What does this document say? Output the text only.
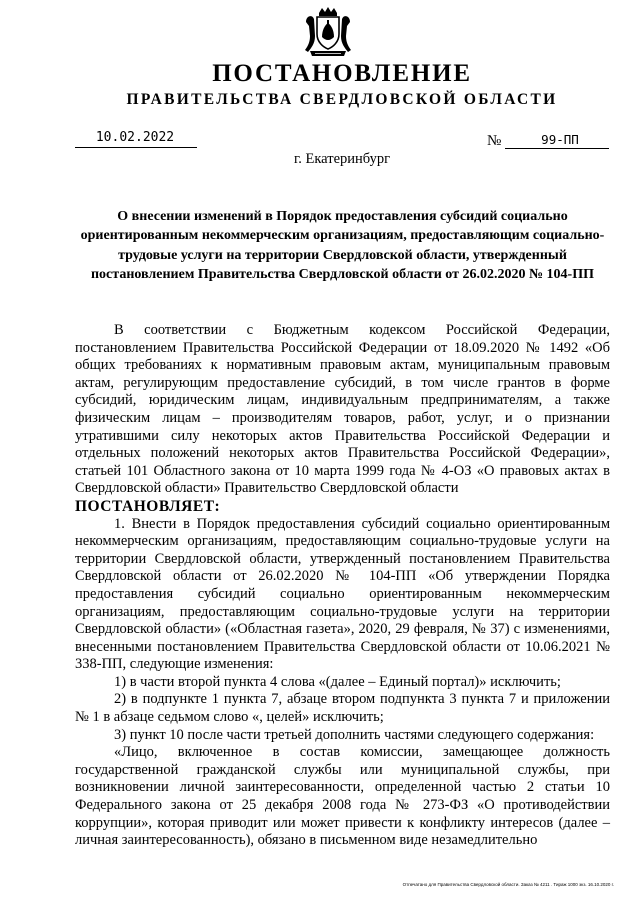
ПОСТАНОВЛЕНИЕ
ПРАВИТЕЛЬСТВА СВЕРДЛОВСКОЙ ОБЛАСТИ
10.02.2022	№	99-ПП
г. Екатеринбург
О внесении изменений в Порядок предоставления субсидий социально ориентированным некоммерческим организациям, предоставляющим социально-трудовые услуги на территории Свердловской области, утвержденный постановлением Правительства Свердловской области от 26.02.2020 № 104-ПП

В соответствии с Бюджетным кодексом Российской Федерации, постановлением Правительства Российской Федерации от 18.09.2020 № 1492 «Об общих требованиях к нормативным правовым актам, муниципальным правовым актам, регулирующим предоставление субсидий, в том числе грантов в форме субсидий, юридическим лицам, индивидуальным предпринимателям, а также физическим лицам – производителям товаров, работ, услуг, и о признании утратившими силу некоторых актов Правительства Российской Федерации и отдельных положений некоторых актов Правительства Российской Федерации», статьей 101 Областного закона от 10 марта 1999 года № 4-ОЗ «О правовых актах в Свердловской области» Правительство Свердловской области

ПОСТАНОВЛЯЕТ:

1. Внести в Порядок предоставления субсидий социально ориентированным некоммерческим организациям, предоставляющим социально-трудовые услуги на территории Свердловской области, утвержденный постановлением Правительства Свердловской области от 26.02.2020 № 104-ПП «Об утверждении Порядка предоставления субсидий социально ориентированным некоммерческим организациям, предоставляющим социально-трудовые услуги на территории Свердловской области» («Областная газета», 2020, 29 февраля, № 37) с изменениями, внесенными постановлением Правительства Свердловской области от 10.06.2021 № 338-ПП, следующие изменения:

1) в части второй пункта 4 слова «(далее – Единый портал)» исключить;

2) в подпункте 1 пункта 7, абзаце втором подпункта 3 пункта 7 и приложении № 1 в абзаце седьмом слово «, целей» исключить;

3) пункт 10 после части третьей дополнить частями следующего содержания:

«Лицо, включенное в состав комиссии, замещающее должность государственной гражданской службы или муниципальной службы, при возникновении личной заинтересованности, определенной частью 2 статьи 10 Федерального закона от 25 декабря 2008 года № 273-ФЗ «О противодействии коррупции», которая приводит или может привести к конфликту интересов (далее – личная заинтересованность), обязано в письменном виде незамедлительно

Отпечатано для Правительства Свердловской области. Заказ № 4211 . Тираж 1000 экз. 16.10.2020 г.
